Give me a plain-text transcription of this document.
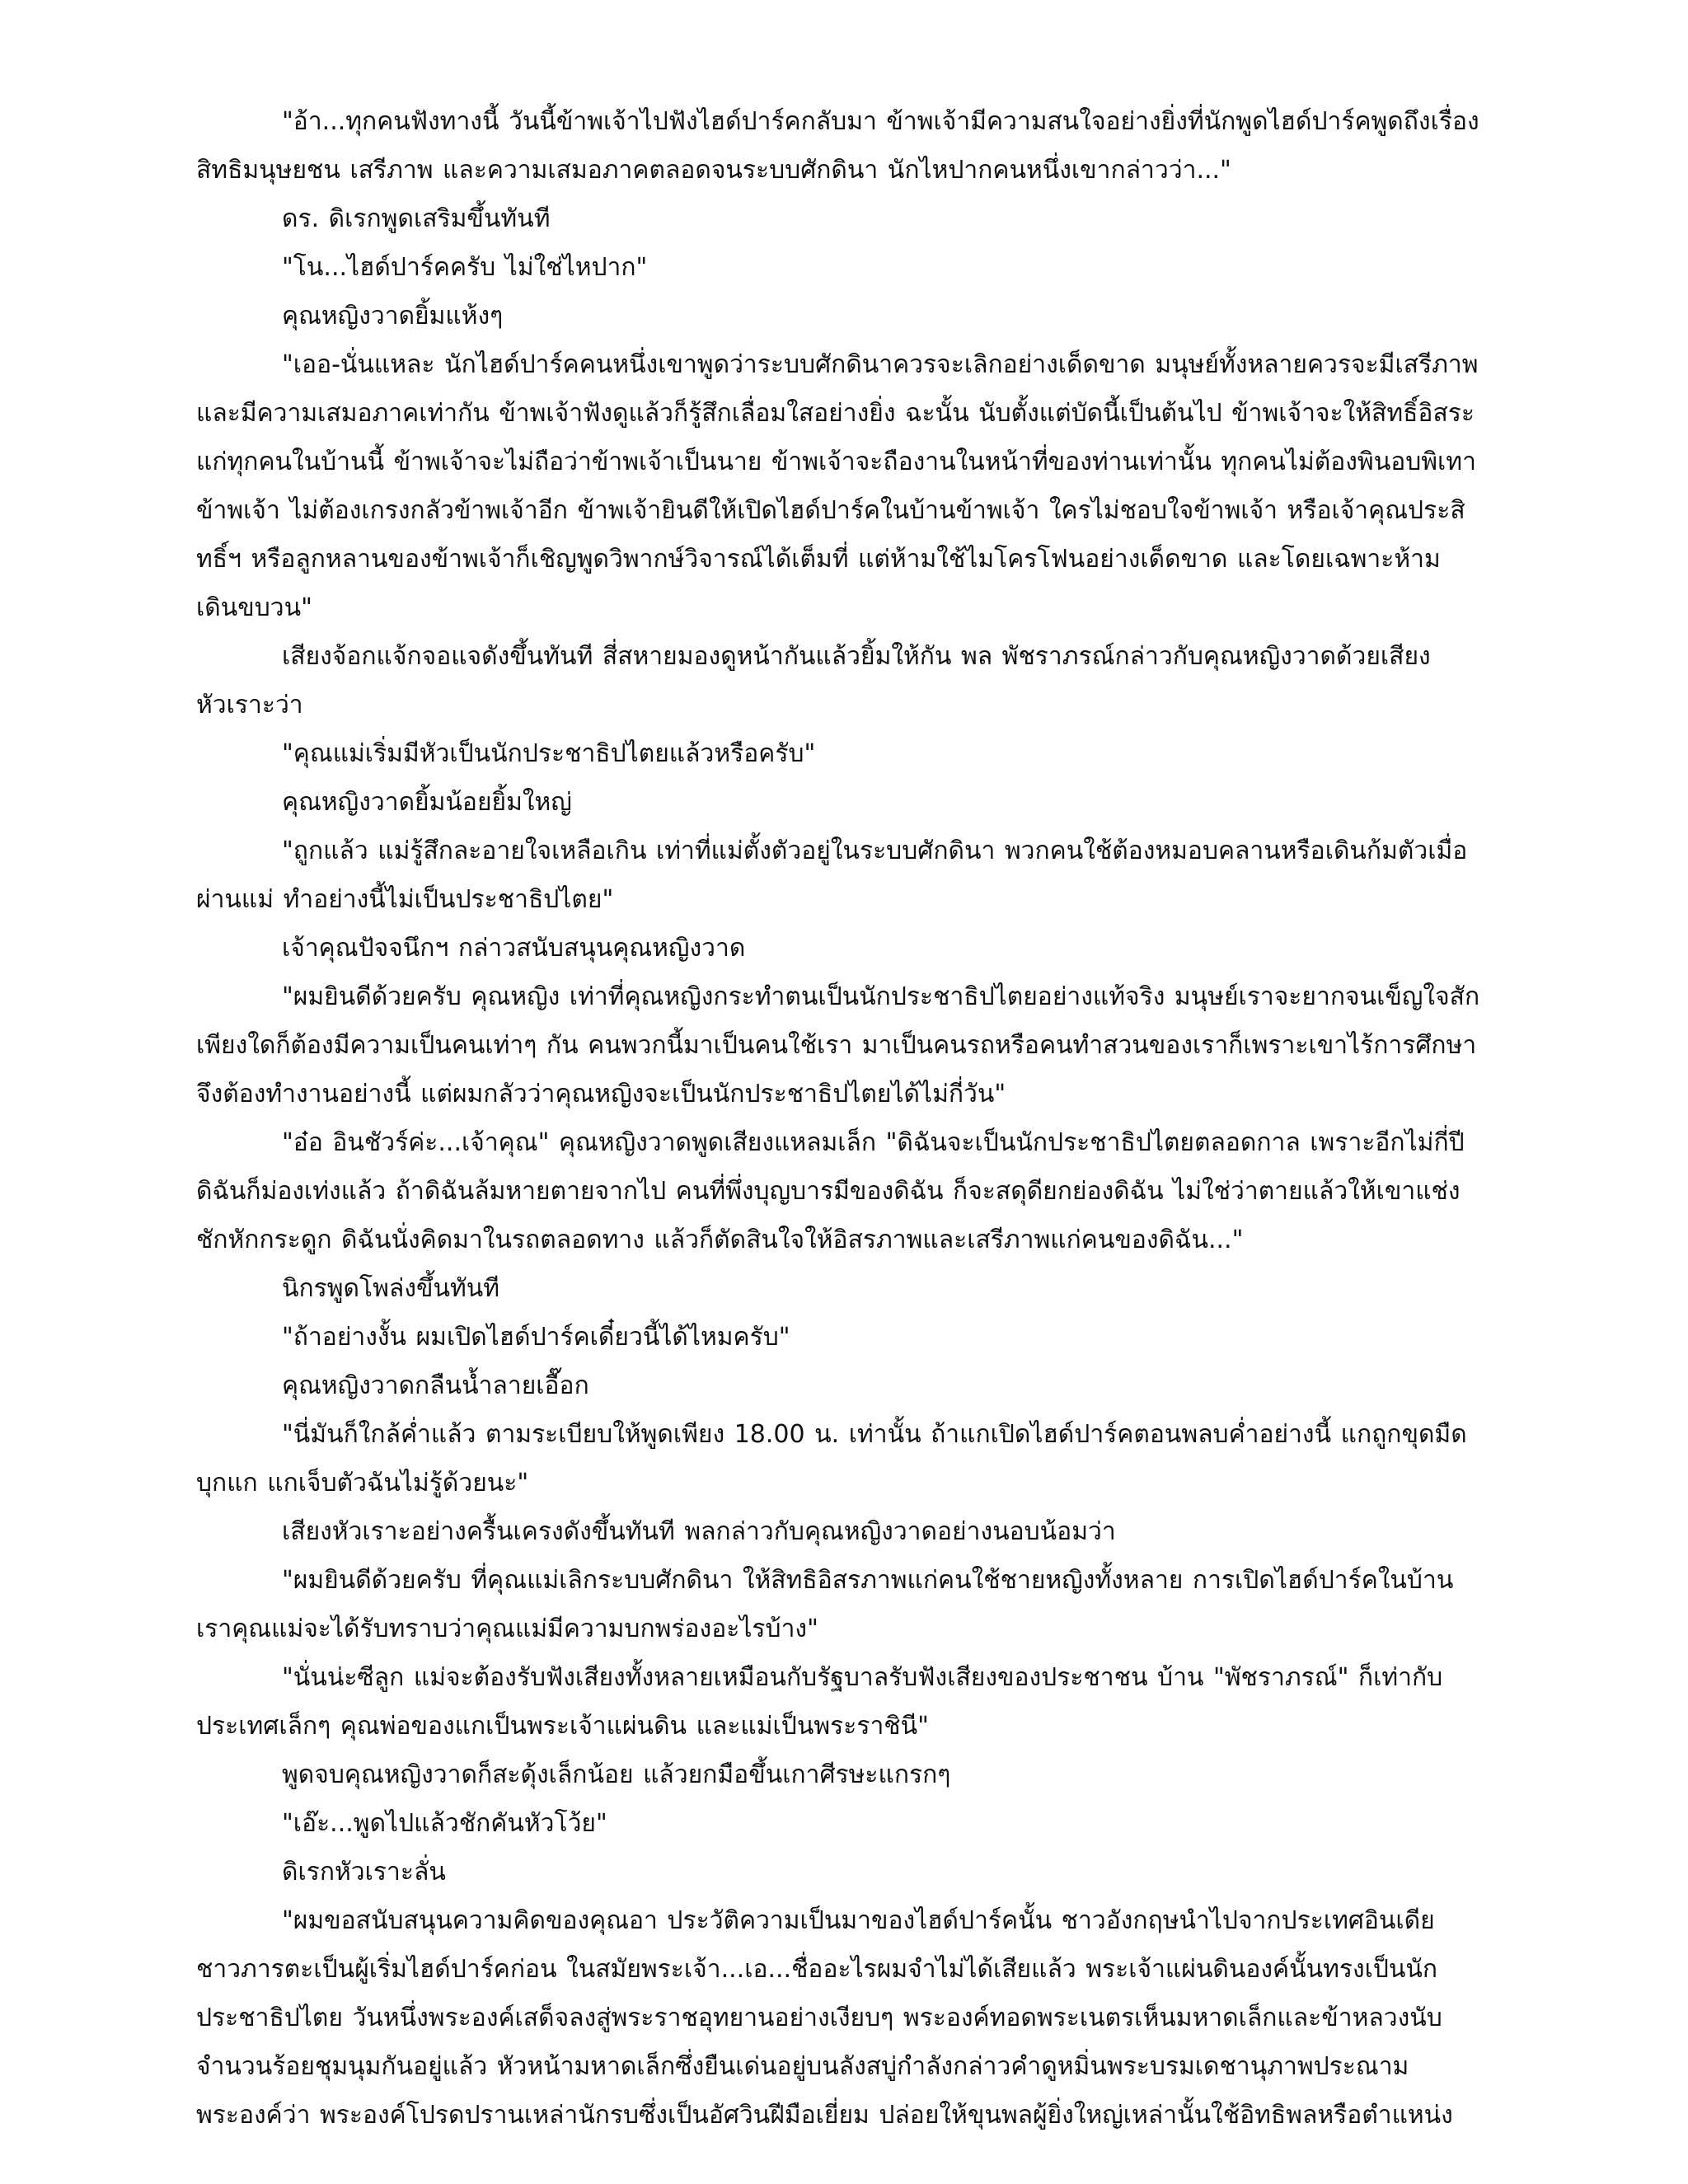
"อ้า...ทุกคนฟังทางนี้ วันนี้ข้าพเจ้าไปฟังไฮด์ปาร์คกลับมา ข้าพเจ้ามีความสนใจอย่างยิ่งที่นักพูดไฮด์ปาร์คพูดถึงเรื่องสิทธิมนุษยชน เสรีภาพ และความเสมอภาคตลอดจนระบบศักดินา นักไหปากคนหนึ่งเขากล่าวว่า..."

ดร. ดิเรกพูดเสริมขึ้นทันที

"โน...ไฮด์ปาร์คครับ ไม่ใช่ไหปาก"

คุณหญิงวาดยิ้มแห้งๆ

"เออ-นั่นแหละ นักไฮด์ปาร์คคนหนึ่งเขาพูดว่าระบบศักดินาควรจะเลิกอย่างเด็ดขาด มนุษย์ทั้งหลายควรจะมีเสรีภาพและมีความเสมอภาคเท่ากัน ข้าพเจ้าฟังดูแล้วก็รู้สึกเลื่อมใสอย่างยิ่ง ฉะนั้น นับตั้งแต่บัดนี้เป็นต้นไป ข้าพเจ้าจะให้สิทธิ์อิสระแก่ทุกคนในบ้านนี้ ข้าพเจ้าจะไม่ถือว่าข้าพเจ้าเป็นนาย ข้าพเจ้าจะถืองานในหน้าที่ของท่านเท่านั้น ทุกคนไม่ต้องพินอบพิเทาข้าพเจ้า ไม่ต้องเกรงกลัวข้าพเจ้าอีก ข้าพเจ้ายินดีให้เปิดไฮด์ปาร์คในบ้านข้าพเจ้า ใครไม่ชอบใจข้าพเจ้า หรือเจ้าคุณประสิทธิ์ฯ หรือลูกหลานของข้าพเจ้าก็เชิญพูดวิพากษ์วิจารณ์ได้เต็มที่ แต่ห้ามใช้ไมโครโฟนอย่างเด็ดขาด และโดยเฉพาะห้ามเดินขบวน"

เสียงจ้อกแจ้กจอแจดังขึ้นทันที สี่สหายมองดูหน้ากันแล้วยิ้มให้กัน พล พัชราภรณ์กล่าวกับคุณหญิงวาดด้วยเสียงหัวเราะว่า

"คุณแม่เริ่มมีหัวเป็นนักประชาธิปไตยแล้วหรือครับ"

คุณหญิงวาดยิ้มน้อยยิ้มใหญ่

"ถูกแล้ว แม่รู้สึกละอายใจเหลือเกิน เท่าที่แม่ตั้งตัวอยู่ในระบบศักดินา พวกคนใช้ต้องหมอบคลานหรือเดินก้มตัวเมื่อผ่านแม่ ทำอย่างนี้ไม่เป็นประชาธิปไตย"

เจ้าคุณปัจจนึกฯ กล่าวสนับสนุนคุณหญิงวาด

"ผมยินดีด้วยครับ คุณหญิง เท่าที่คุณหญิงกระทำตนเป็นนักประชาธิปไตยอย่างแท้จริง มนุษย์เราจะยากจนเข็ญใจสักเพียงใดก็ต้องมีความเป็นคนเท่าๆ กัน คนพวกนี้มาเป็นคนใช้เรา มาเป็นคนรถหรือคนทำสวนของเราก็เพราะเขาไร้การศึกษาจึงต้องทำงานอย่างนี้ แต่ผมกลัวว่าคุณหญิงจะเป็นนักประชาธิปไตยได้ไม่กี่วัน"

"อ๋อ อินชัวร์ค่ะ...เจ้าคุณ" คุณหญิงวาดพูดเสียงแหลมเล็ก "ดิฉันจะเป็นนักประชาธิปไตยตลอดกาล เพราะอีกไม่กี่ปีดิฉันก็ม่องเท่งแล้ว ถ้าดิฉันล้มหายตายจากไป คนที่พึ่งบุญบารมีของดิฉัน ก็จะสดุดียกย่องดิฉัน ไม่ใช่ว่าตายแล้วให้เขาแช่งชักหักกระดูก ดิฉันนั่งคิดมาในรถตลอดทาง แล้วก็ตัดสินใจให้อิสรภาพและเสรีภาพแก่คนของดิฉัน..."

นิกรพูดโพล่งขึ้นทันที

"ถ้าอย่างงั้น ผมเปิดไฮด์ปาร์คเดี๋ยวนี้ได้ไหมครับ"

คุณหญิงวาดกลืนน้ำลายเอื๊อก

"นี่มันก็ใกล้ค่ำแล้ว ตามระเบียบให้พูดเพียง 18.00 น. เท่านั้น ถ้าแกเปิดไฮด์ปาร์คตอนพลบค่ำอย่างนี้ แกถูกขุดมืดบุกแก แกเจ็บตัวฉันไม่รู้ด้วยนะ"

เสียงหัวเราะอย่างครื้นเครงดังขึ้นทันที พลกล่าวกับคุณหญิงวาดอย่างนอบน้อมว่า

"ผมยินดีด้วยครับ ที่คุณแม่เลิกระบบศักดินา ให้สิทธิอิสรภาพแก่คนใช้ชายหญิงทั้งหลาย การเปิดไฮด์ปาร์คในบ้านเราคุณแม่จะได้รับทราบว่าคุณแม่มีความบกพร่องอะไรบ้าง"

"นั่นน่ะซีลูก แม่จะต้องรับฟังเสียงทั้งหลายเหมือนกับรัฐบาลรับฟังเสียงของประชาชน บ้าน "พัชราภรณ์" ก็เท่ากับประเทศเล็กๆ คุณพ่อของแกเป็นพระเจ้าแผ่นดิน และแม่เป็นพระราชินี"

พูดจบคุณหญิงวาดก็สะดุ้งเล็กน้อย แล้วยกมือขึ้นเกาศีรษะแกรกๆ

"เอ๊ะ...พูดไปแล้วชักคันหัวโว้ย"

ดิเรกหัวเราะลั่น

"ผมขอสนับสนุนความคิดของคุณอา ประวัติความเป็นมาของไฮด์ปาร์คนั้น ชาวอังกฤษนำไปจากประเทศอินเดีย ชาวภารตะเป็นผู้เริ่มไฮด์ปาร์คก่อน ในสมัยพระเจ้า...เอ...ชื่ออะไรผมจำไม่ได้เสียแล้ว พระเจ้าแผ่นดินองค์นั้นทรงเป็นนักประชาธิปไตย วันหนึ่งพระองค์เสด็จลงสู่พระราชอุทยานอย่างเงียบๆ พระองค์ทอดพระเนตรเห็นมหาดเล็กและข้าหลวงนับจำนวนร้อยชุมนุมกันอยู่แล้ว หัวหน้ามหาดเล็กซึ่งยืนเด่นอยู่บนลังสบู่กำลังกล่าวคำดูหมิ่นพระบรมเดชานุภาพประณามพระองค์ว่า พระองค์โปรดปรานเหล่านักรบซึ่งเป็นอัศวินฝีมือเยี่ยม ปล่อยให้ขุนพลผู้ยิ่งใหญ่เหล่านั้นใช้อิทธิพลหรือตำแหน่ง
